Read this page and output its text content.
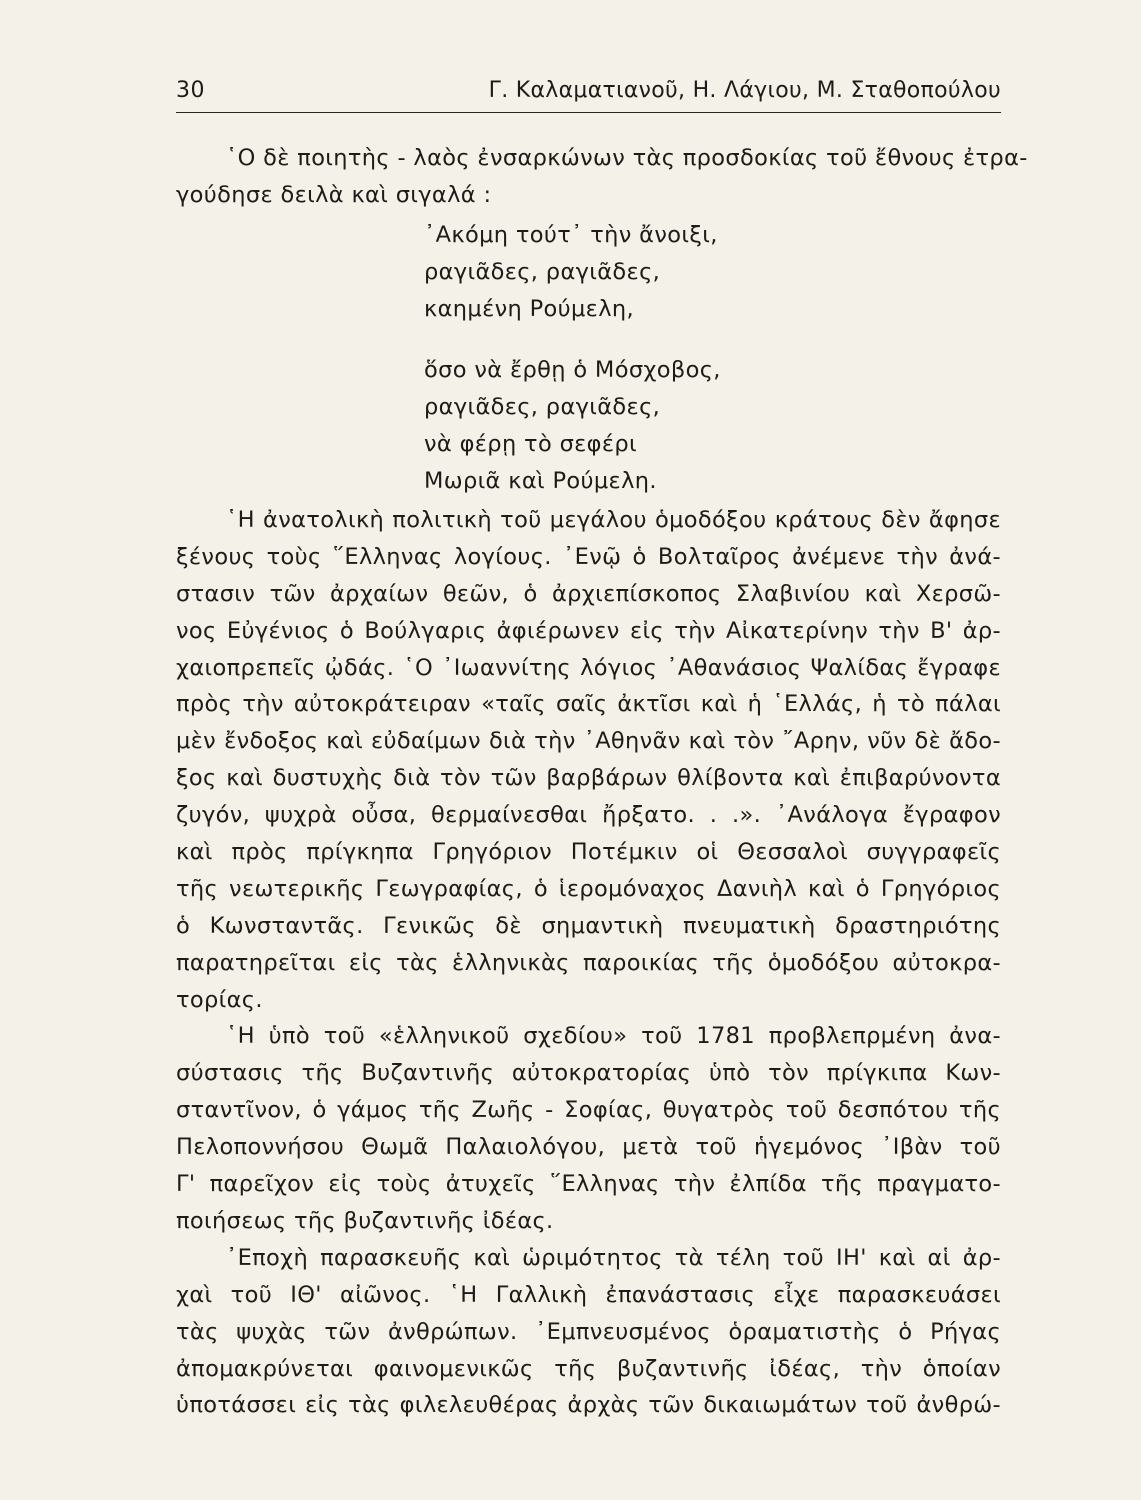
30	Γ. Καλαματιανοῦ, Η. Λάγιου, Μ. Σταθοπούλου
῾Ο δὲ ποιητὴς - λαὸς ἐνσαρκώνων τὰς προσδοκίας τοῦ ἔθνους ἐτρα-
γούδησε δειλὰ καὶ σιγαλά :
᾿Ακόμη τούτ᾿ τὴν ἄνοιξι,
ραγιᾶδες, ραγιᾶδες,
καημένη Ρούμελη,
ὅσο νὰ ἔρθῃ ὁ Μόσχοβος,
ραγιᾶδες, ραγιᾶδες,
νὰ φέρῃ τὸ σεφέρι
Μωριᾶ καὶ Ρούμελη.
῾Η ἀνατολικὴ πολιτικὴ τοῦ μεγάλου ὁμοδόξου κράτους δὲν ἄφησε
ξένους τοὺς ῞Ελληνας λογίους. ᾿Ενῷ ὁ Βολταῖρος ἀνέμενε τὴν ἀνά-
στασιν τῶν ἀρχαίων θεῶν, ὁ ἀρχιεπίσκοπος Σλαβινίου καὶ Χερσῶ-
νος Εὐγένιος ὁ Βούλγαρις ἀφιέρωνεν εἰς τὴν Αἰκατερίνην τὴν Β' ἀρ-
χαιοπρεπεῖς ᾠδάς. ῾Ο ᾿Ιωαννίτης λόγιος ᾿Αθανάσιος Ψαλίδας ἔγραφε
πρὸς τὴν αὐτοκράτειραν «ταῖς σαῖς ἀκτῖσι καὶ ἡ ῾Ελλάς, ἡ τὸ πάλαι
μὲν ἔνδοξος καὶ εὐδαίμων διὰ τὴν ᾿Αθηνᾶν καὶ τὸν ῎Αρην, νῦν δὲ ἄδο-
ξος καὶ δυστυχὴς διὰ τὸν τῶν βαρβάρων θλίβοντα καὶ ἐπιβαρύνοντα
ζυγόν, ψυχρὰ οὖσα, θερμαίνεσθαι ἤρξατο. . .». ᾿Ανάλογα ἔγραφον
καὶ πρὸς πρίγκηπα Γρηγόριον Ποτέμκιν οἱ Θεσσαλοὶ συγγραφεῖς
τῆς νεωτερικῆς Γεωγραφίας, ὁ ἱερομόναχος Δανιὴλ καὶ ὁ Γρηγόριος
ὁ Κωνσταντᾶς. Γενικῶς δὲ σημαντικὴ πνευματικὴ δραστηριότης
παρατηρεῖται εἰς τὰς ἑλληνικὰς παροικίας τῆς ὁμοδόξου αὐτοκρα-
τορίας.
῾Η ὑπὸ τοῦ «ἑλληνικοῦ σχεδίου» τοῦ 1781 προβλεπρμένη ἀνα-
σύστασις τῆς Βυζαντινῆς αὐτοκρατορίας ὑπὸ τὸν πρίγκιπα Κων-
σταντῖνον, ὁ γάμος τῆς Ζωῆς - Σοφίας, θυγατρὸς τοῦ δεσπότου τῆς
Πελοποννήσου Θωμᾶ Παλαιολόγου, μετὰ τοῦ ἡγεμόνος ᾿Ιβὰν τοῦ
Γ' παρεῖχον εἰς τοὺς ἀτυχεῖς ῞Ελληνας τὴν ἐλπίδα τῆς πραγματο-
ποιήσεως τῆς βυζαντινῆς ἰδέας.
᾿Εποχὴ παρασκευῆς καὶ ὡριμότητος τὰ τέλη τοῦ ΙΗ' καὶ αἱ ἀρ-
χαὶ τοῦ ΙΘ' αἰῶνος. ῾Η Γαλλικὴ ἐπανάστασις εἶχε παρασκευάσει
τὰς ψυχὰς τῶν ἀνθρώπων. ᾿Εμπνευσμένος ὁραματιστὴς ὁ Ρήγας
ἀπομακρύνεται φαινομενικῶς τῆς βυζαντινῆς ἰδέας, τὴν ὁποίαν
ὑποτάσσει εἰς τὰς φιλελευθέρας ἀρχὰς τῶν δικαιωμάτων τοῦ ἀνθρώ-
